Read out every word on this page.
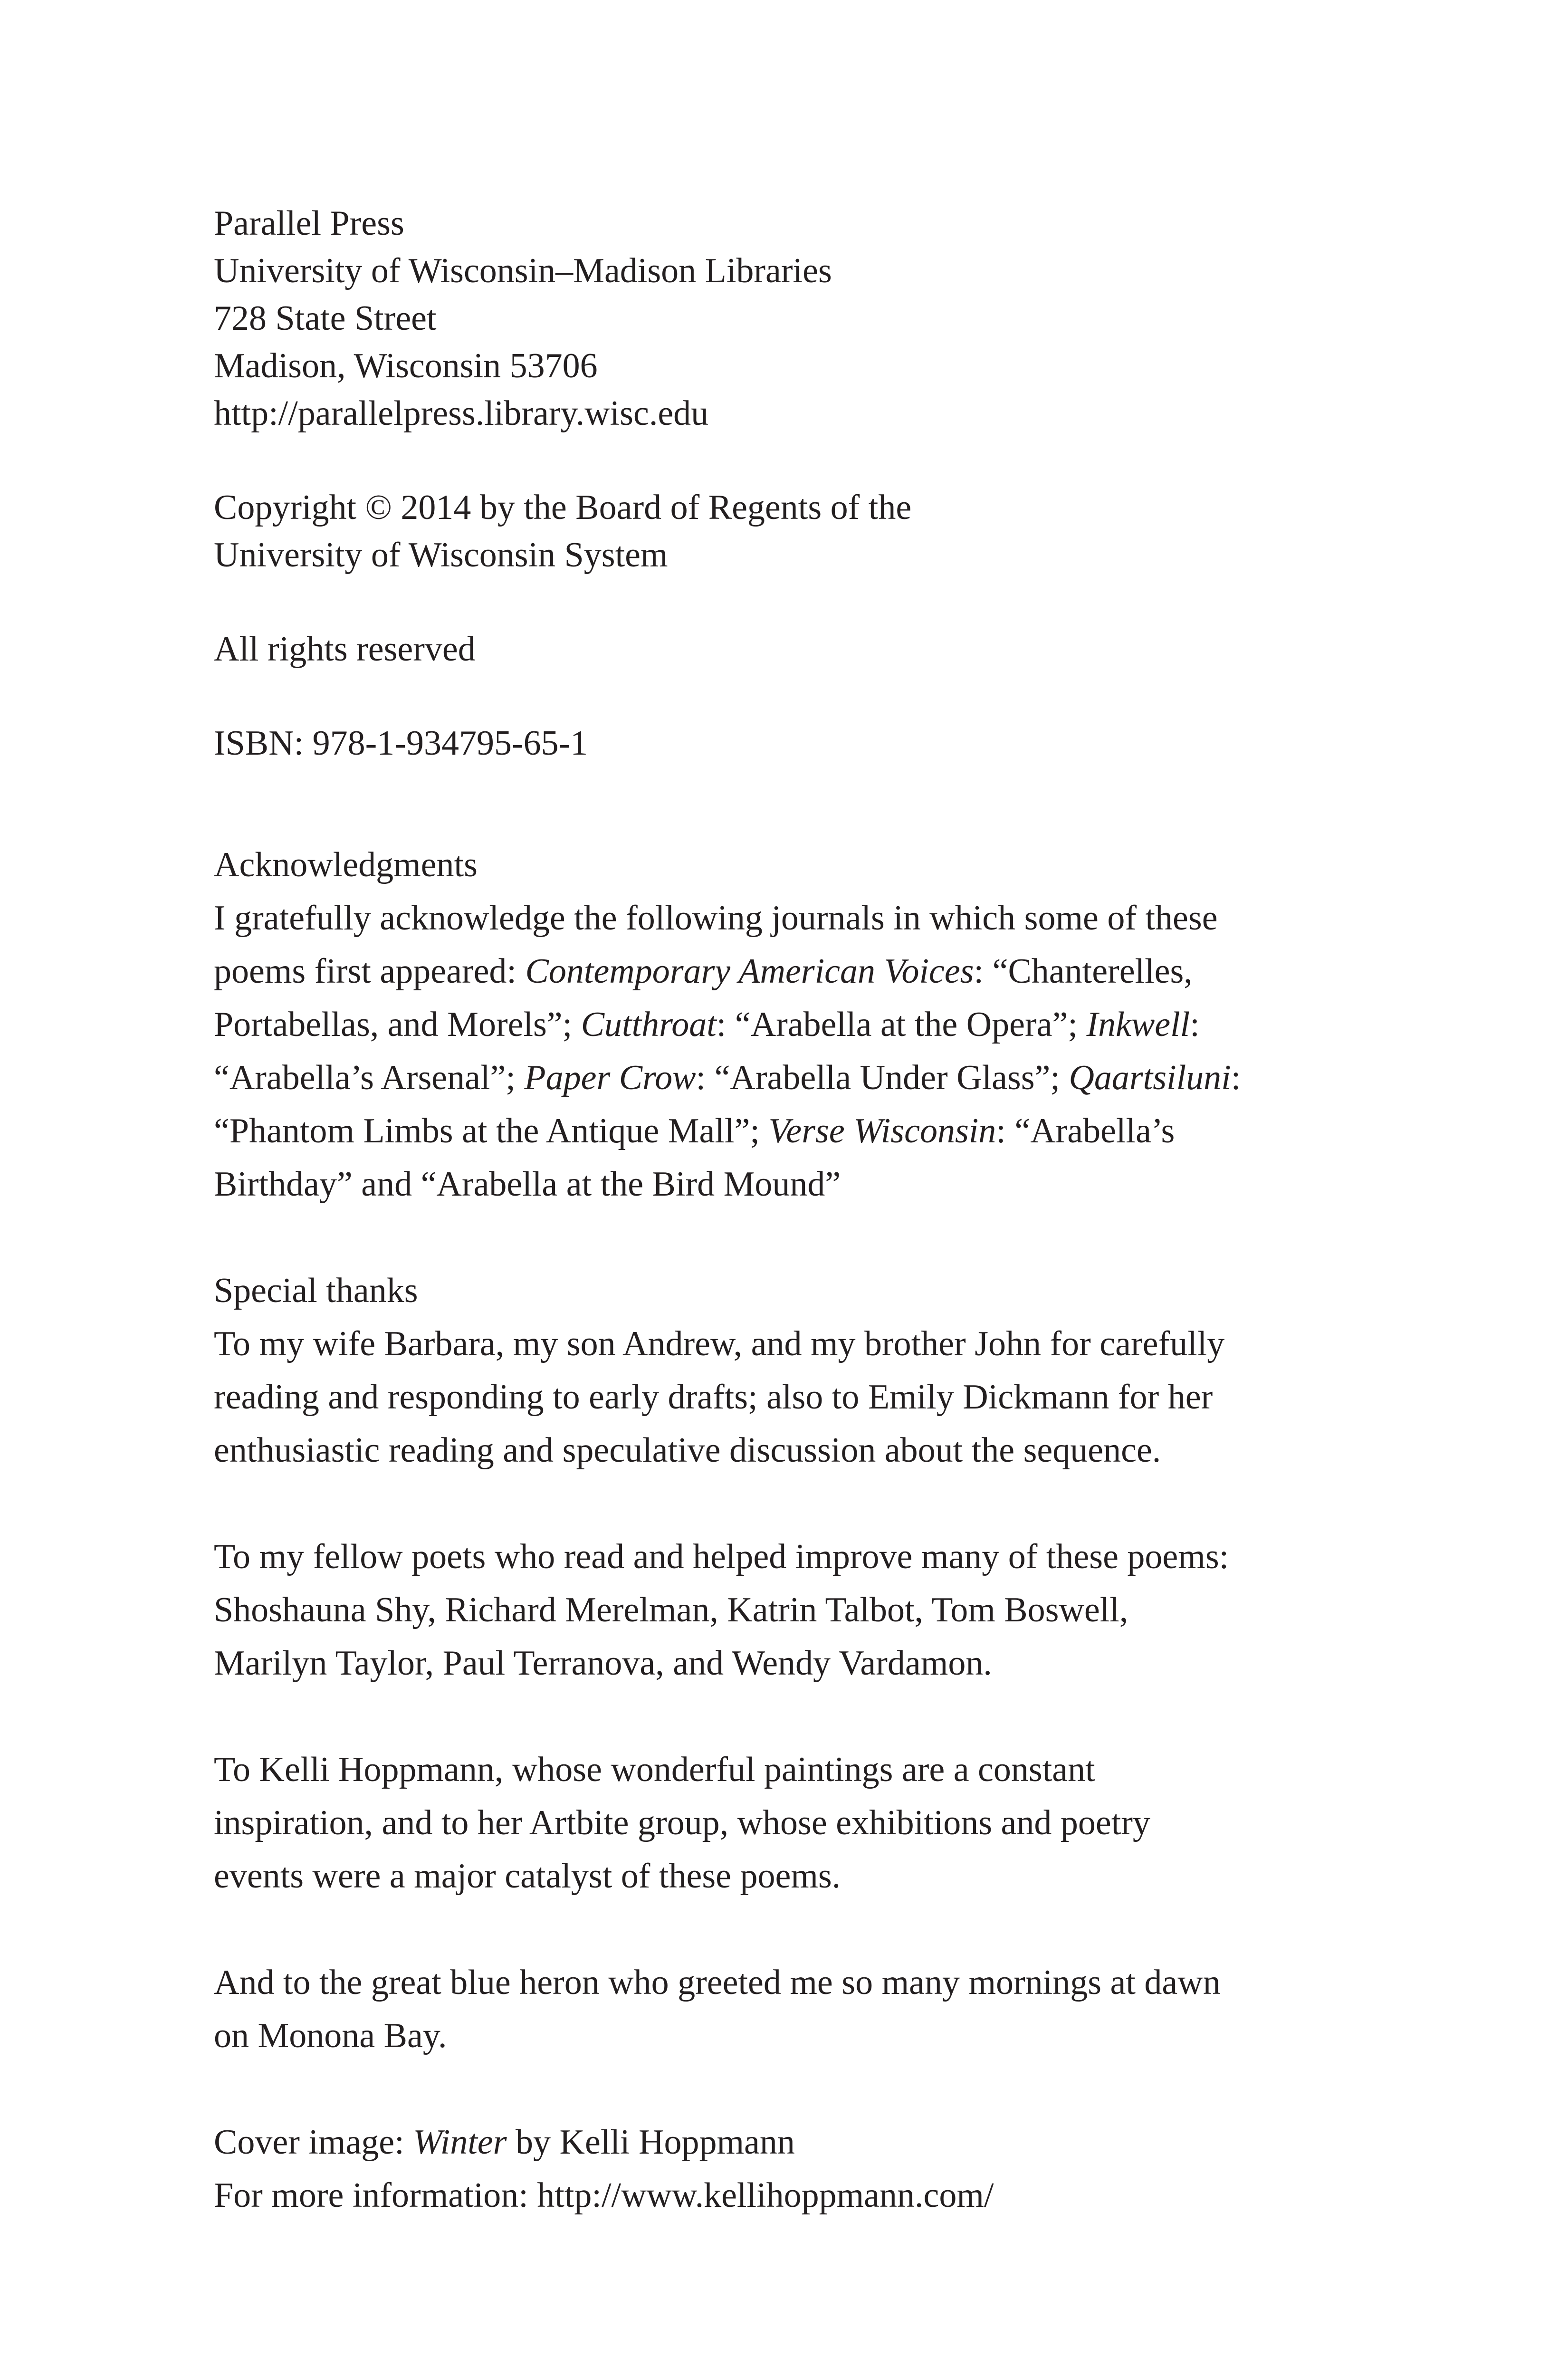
Parallel Press
University of Wisconsin–Madison Libraries
728 State Street
Madison, Wisconsin 53706
http://parallelpress.library.wisc.edu
Copyright © 2014 by the Board of Regents of the
University of Wisconsin System
All rights reserved
ISBN: 978-1-934795-65-1
Acknowledgments
I gratefully acknowledge the following journals in which some of these
poems first appeared: Contemporary American Voices: “Chanterelles,
Portabellas, and Morels”; Cutthroat: “Arabella at the Opera”; Inkwell:
“Arabella’s Arsenal”; Paper Crow: “Arabella Under Glass”; Qaartsiluni:
“Phantom Limbs at the Antique Mall”; Verse Wisconsin: “Arabella’s
Birthday” and “Arabella at the Bird Mound”
Special thanks
To my wife Barbara, my son Andrew, and my brother John for carefully
reading and responding to early drafts; also to Emily Dickmann for her
enthusiastic reading and speculative discussion about the sequence.
To my fellow poets who read and helped improve many of these poems:
Shoshauna Shy, Richard Merelman, Katrin Talbot, Tom Boswell,
Marilyn Taylor, Paul Terranova, and Wendy Vardamon.
To Kelli Hoppmann, whose wonderful paintings are a constant
inspiration, and to her Artbite group, whose exhibitions and poetry
events were a major catalyst of these poems.
And to the great blue heron who greeted me so many mornings at dawn
on Monona Bay.
Cover image: Winter by Kelli Hoppmann
For more information: http://www.kellihoppmann.com/
